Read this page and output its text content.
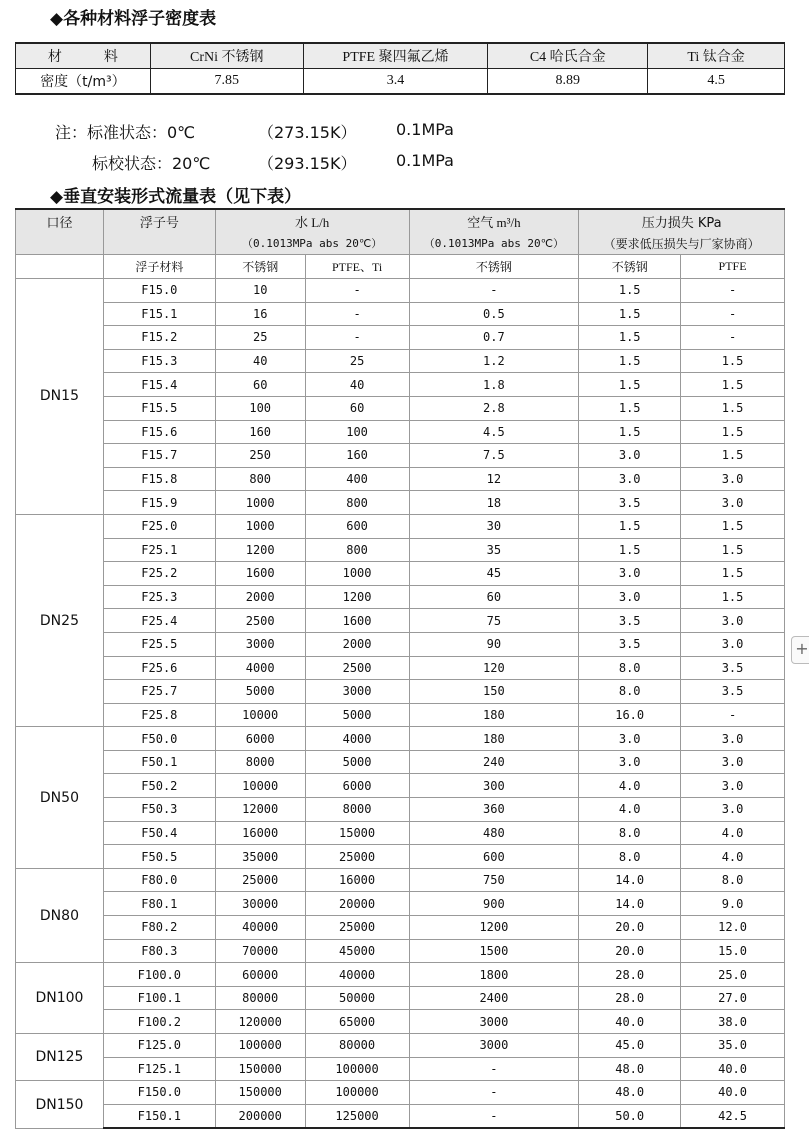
◆各种材料浮子密度表
材　　　料	CrNi 不锈钢	PTFE 聚四氟乙烯	C4 哈氏合金	Ti 钛合金
密度（t/m³）	7.85	3.4	8.89	4.5
注：标准状态：0℃	（273.15K） 0.1MPa
标校状态：20℃	（293.15K） 0.1MPa
◆垂直安装形式流量表（见下表）
口径	浮子号	水 L/h		空气 m³/h	压力损失 KPa	
		（0.1013MPa abs 20℃）		（0.1013MPa abs 20℃）	（要求低压损失与厂家协商）	
	浮子材料	不锈钢	PTFE、Ti	不锈钢	不锈钢	PTFE
DN15	F15.0	10	-	-	1.5	-
	F15.1	16	-	0.5	1.5	-
	F15.2	25	-	0.7	1.5	-
	F15.3	40	25	1.2	1.5	1.5
	F15.4	60	40	1.8	1.5	1.5
	F15.5	100	60	2.8	1.5	1.5
	F15.6	160	100	4.5	1.5	1.5
	F15.7	250	160	7.5	3.0	1.5
	F15.8	800	400	12	3.0	3.0
	F15.9	1000	800	18	3.5	3.0
DN25	F25.0	1000	600	30	1.5	1.5
	F25.1	1200	800	35	1.5	1.5
	F25.2	1600	1000	45	3.0	1.5
	F25.3	2000	1200	60	3.0	1.5
	F25.4	2500	1600	75	3.5	3.0
	F25.5	3000	2000	90	3.5	3.0
	F25.6	4000	2500	120	8.0	3.5
	F25.7	5000	3000	150	8.0	3.5
	F25.8	10000	5000	180	16.0	-
DN50	F50.0	6000	4000	180	3.0	3.0
	F50.1	8000	5000	240	3.0	3.0
	F50.2	10000	6000	300	4.0	3.0
	F50.3	12000	8000	360	4.0	3.0
	F50.4	16000	15000	480	8.0	4.0
	F50.5	35000	25000	600	8.0	4.0
DN80	F80.0	25000	16000	750	14.0	8.0
	F80.1	30000	20000	900	14.0	9.0
	F80.2	40000	25000	1200	20.0	12.0
	F80.3	70000	45000	1500	20.0	15.0
DN100	F100.0	60000	40000	1800	28.0	25.0
	F100.1	80000	50000	2400	28.0	27.0
	F100.2	120000	65000	3000	40.0	38.0
DN125	F125.0	100000	80000	3000	45.0	35.0
	F125.1	150000	100000	-	48.0	40.0
DN150	F150.0	150000	100000	-	48.0	40.0
	F150.1	200000	125000	-	50.0	42.5
+
